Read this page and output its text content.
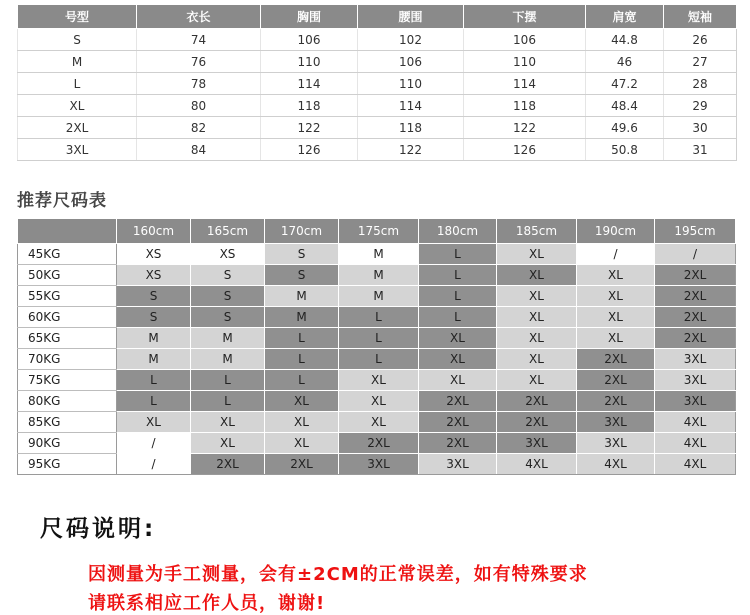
号型	衣长	胸围	腰围	下摆	肩宽	短袖
S	74	106	102	106	44.8	26
M	76	110	106	110	46	27
L	78	114	110	114	47.2	28
XL	80	118	114	118	48.4	29
2XL	82	122	118	122	49.6	30
3XL	84	126	122	126	50.8	31
推荐尺码表
	160cm	165cm	170cm	175cm	180cm	185cm	190cm	195cm
45KG	XS	XS	S	M	L	XL	/	/
50KG	XS	S	S	M	L	XL	XL	2XL
55KG	S	S	M	M	L	XL	XL	2XL
60KG	S	S	M	L	L	XL	XL	2XL
65KG	M	M	L	L	XL	XL	XL	2XL
70KG	M	M	L	L	XL	XL	2XL	3XL
75KG	L	L	L	XL	XL	XL	2XL	3XL
80KG	L	L	XL	XL	2XL	2XL	2XL	3XL
85KG	XL	XL	XL	XL	2XL	2XL	3XL	4XL
90KG	/	XL	XL	2XL	2XL	3XL	3XL	4XL
95KG	/	2XL	2XL	3XL	3XL	4XL	4XL	4XL
尺码说明:
因测量为手工测量，会有±2CM的正常误差，如有特殊要求
请联系相应工作人员，谢谢!
